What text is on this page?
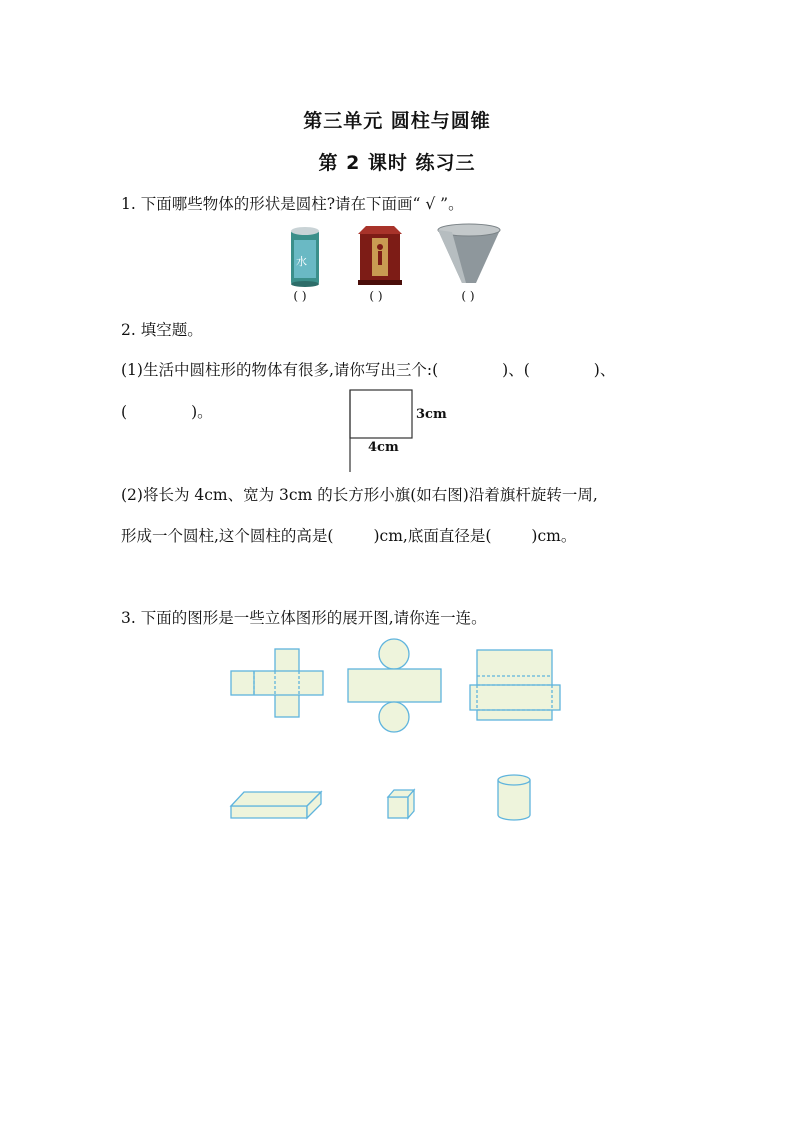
第三单元 圆柱与圆锥
第 2 课时 练习三
1. 下面哪些物体的形状是圆柱?请在下面画“ √ ”。
水
( )	( )	( )
2. 填空题。
(1)生活中圆柱形的物体有很多,请你写出三个:(	)、(	)、
(	)。	3cm
4cm
(2)将长为 4cm、宽为 3cm 的长方形小旗(如右图)沿着旗杆旋转一周,
形成一个圆柱,这个圆柱的高是(	)cm,底面直径是(	)cm。
3. 下面的图形是一些立体图形的展开图,请你连一连。
